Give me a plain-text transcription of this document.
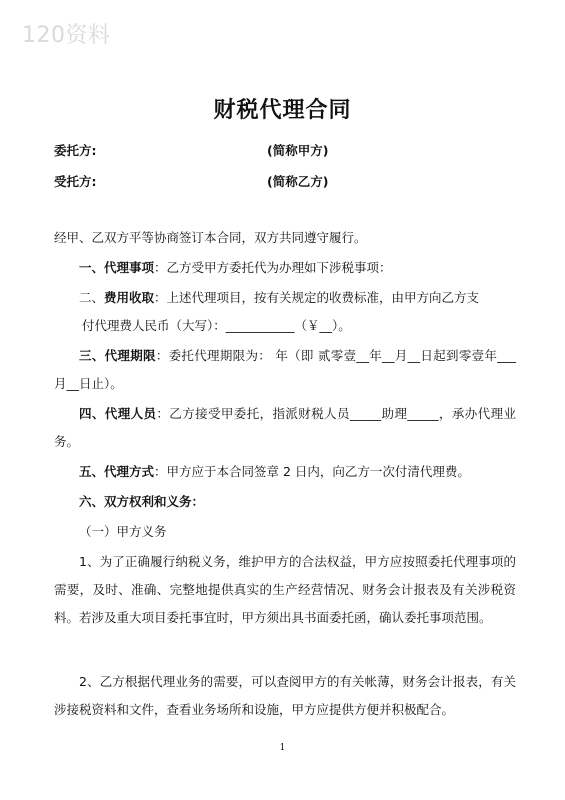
120资料
财税代理合同
委托方:	(简称甲方)
受托方:	(简称乙方)

经甲、乙双方平等协商签订本合同，双方共同遵守履行。

一、代理事项：乙方受甲方委托代为办理如下涉税事项：

二、费用收取：上述代理项目，按有关规定的收费标准，由甲方向乙方支
付代理费人民币（大写）：___________（￥__）。

三、代理期限：委托代理期限为： 年（即 贰零壹__年__月__日起到零壹年___月__日止）。

四、代理人员：乙方接受甲委托，指派财税人员_____助理_____，承办代理业务。

五、代理方式：甲方应于本合同签章 2 日内，向乙方一次付清代理费。

六、双方权利和义务：

（一）甲方义务

1、为了正确履行纳税义务，维护甲方的合法权益，甲方应按照委托代理事项的需要，及时、准确、完整地提供真实的生产经营情况、财务会计报表及有关涉税资料。若涉及重大项目委托事宜时，甲方须出具书面委托函，确认委托事项范围。

2、乙方根据代理业务的需要，可以查阅甲方的有关帐薄，财务会计报表，有关涉接税资料和文件，查看业务场所和设施，甲方应提供方便并积极配合。

1
